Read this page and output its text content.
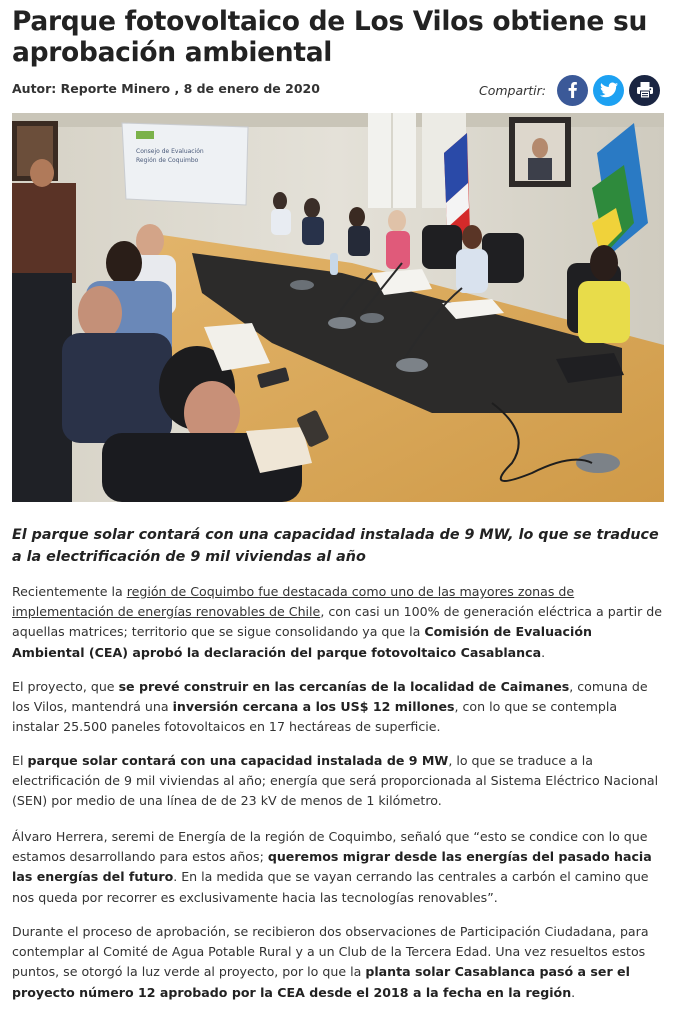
Parque fotovoltaico de Los Vilos obtiene su aprobación ambiental
Autor: Reporte Minero , 8 de enero de 2020	Compartir:
Consejo de Evaluación
Región de Coquimbo
El parque solar contará con una capacidad instalada de 9 MW, lo que se traduce a la electrificación de 9 mil viviendas al año

Recientemente la región de Coquimbo fue destacada como uno de las mayores zonas de implementación de energías renovables de Chile, con casi un 100% de generación eléctrica a partir de aquellas matrices; territorio que se sigue consolidando ya que la Comisión de Evaluación Ambiental (CEA) aprobó la declaración del parque fotovoltaico Casablanca.

El proyecto, que se prevé construir en las cercanías de la localidad de Caimanes, comuna de los Vilos, mantendrá una inversión cercana a los US$ 12 millones, con lo que se contempla instalar 25.500 paneles fotovoltaicos en 17 hectáreas de superficie.

El parque solar contará con una capacidad instalada de 9 MW, lo que se traduce a la electrificación de 9 mil viviendas al año; energía que será proporcionada al Sistema Eléctrico Nacional (SEN) por medio de una línea de de 23 kV de menos de 1 kilómetro.

Álvaro Herrera, seremi de Energía de la región de Coquimbo, señaló que “esto se condice con lo que estamos desarrollando para estos años; queremos migrar desde las energías del pasado hacia las energías del futuro. En la medida que se vayan cerrando las centrales a carbón el camino que nos queda por recorrer es exclusivamente hacia las tecnologías renovables”.

Durante el proceso de aprobación, se recibieron dos observaciones de Participación Ciudadana, para contemplar al Comité de Agua Potable Rural y a un Club de la Tercera Edad. Una vez resueltos estos puntos, se otorgó la luz verde al proyecto, por lo que la planta solar Casablanca pasó a ser el proyecto número 12 aprobado por la CEA desde el 2018 a la fecha en la región.
